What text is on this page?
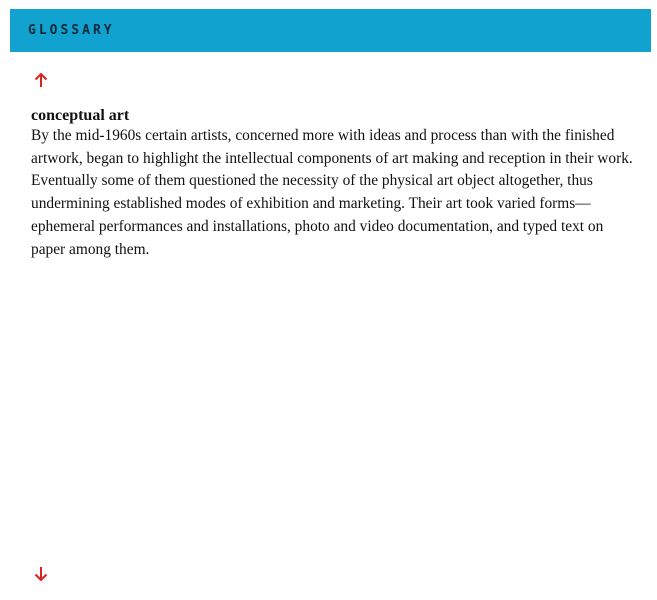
GLOSSARY

conceptual art

By the mid-1960s certain artists, concerned more with ideas and process than with the finished artwork, began to highlight the intellectual components of art making and reception in their work. Eventually some of them questioned the necessity of the physical art object altogether, thus undermining established modes of exhibition and marketing. Their art took varied forms—ephemeral performances and installations, photo and video documentation, and typed text on paper among them.
